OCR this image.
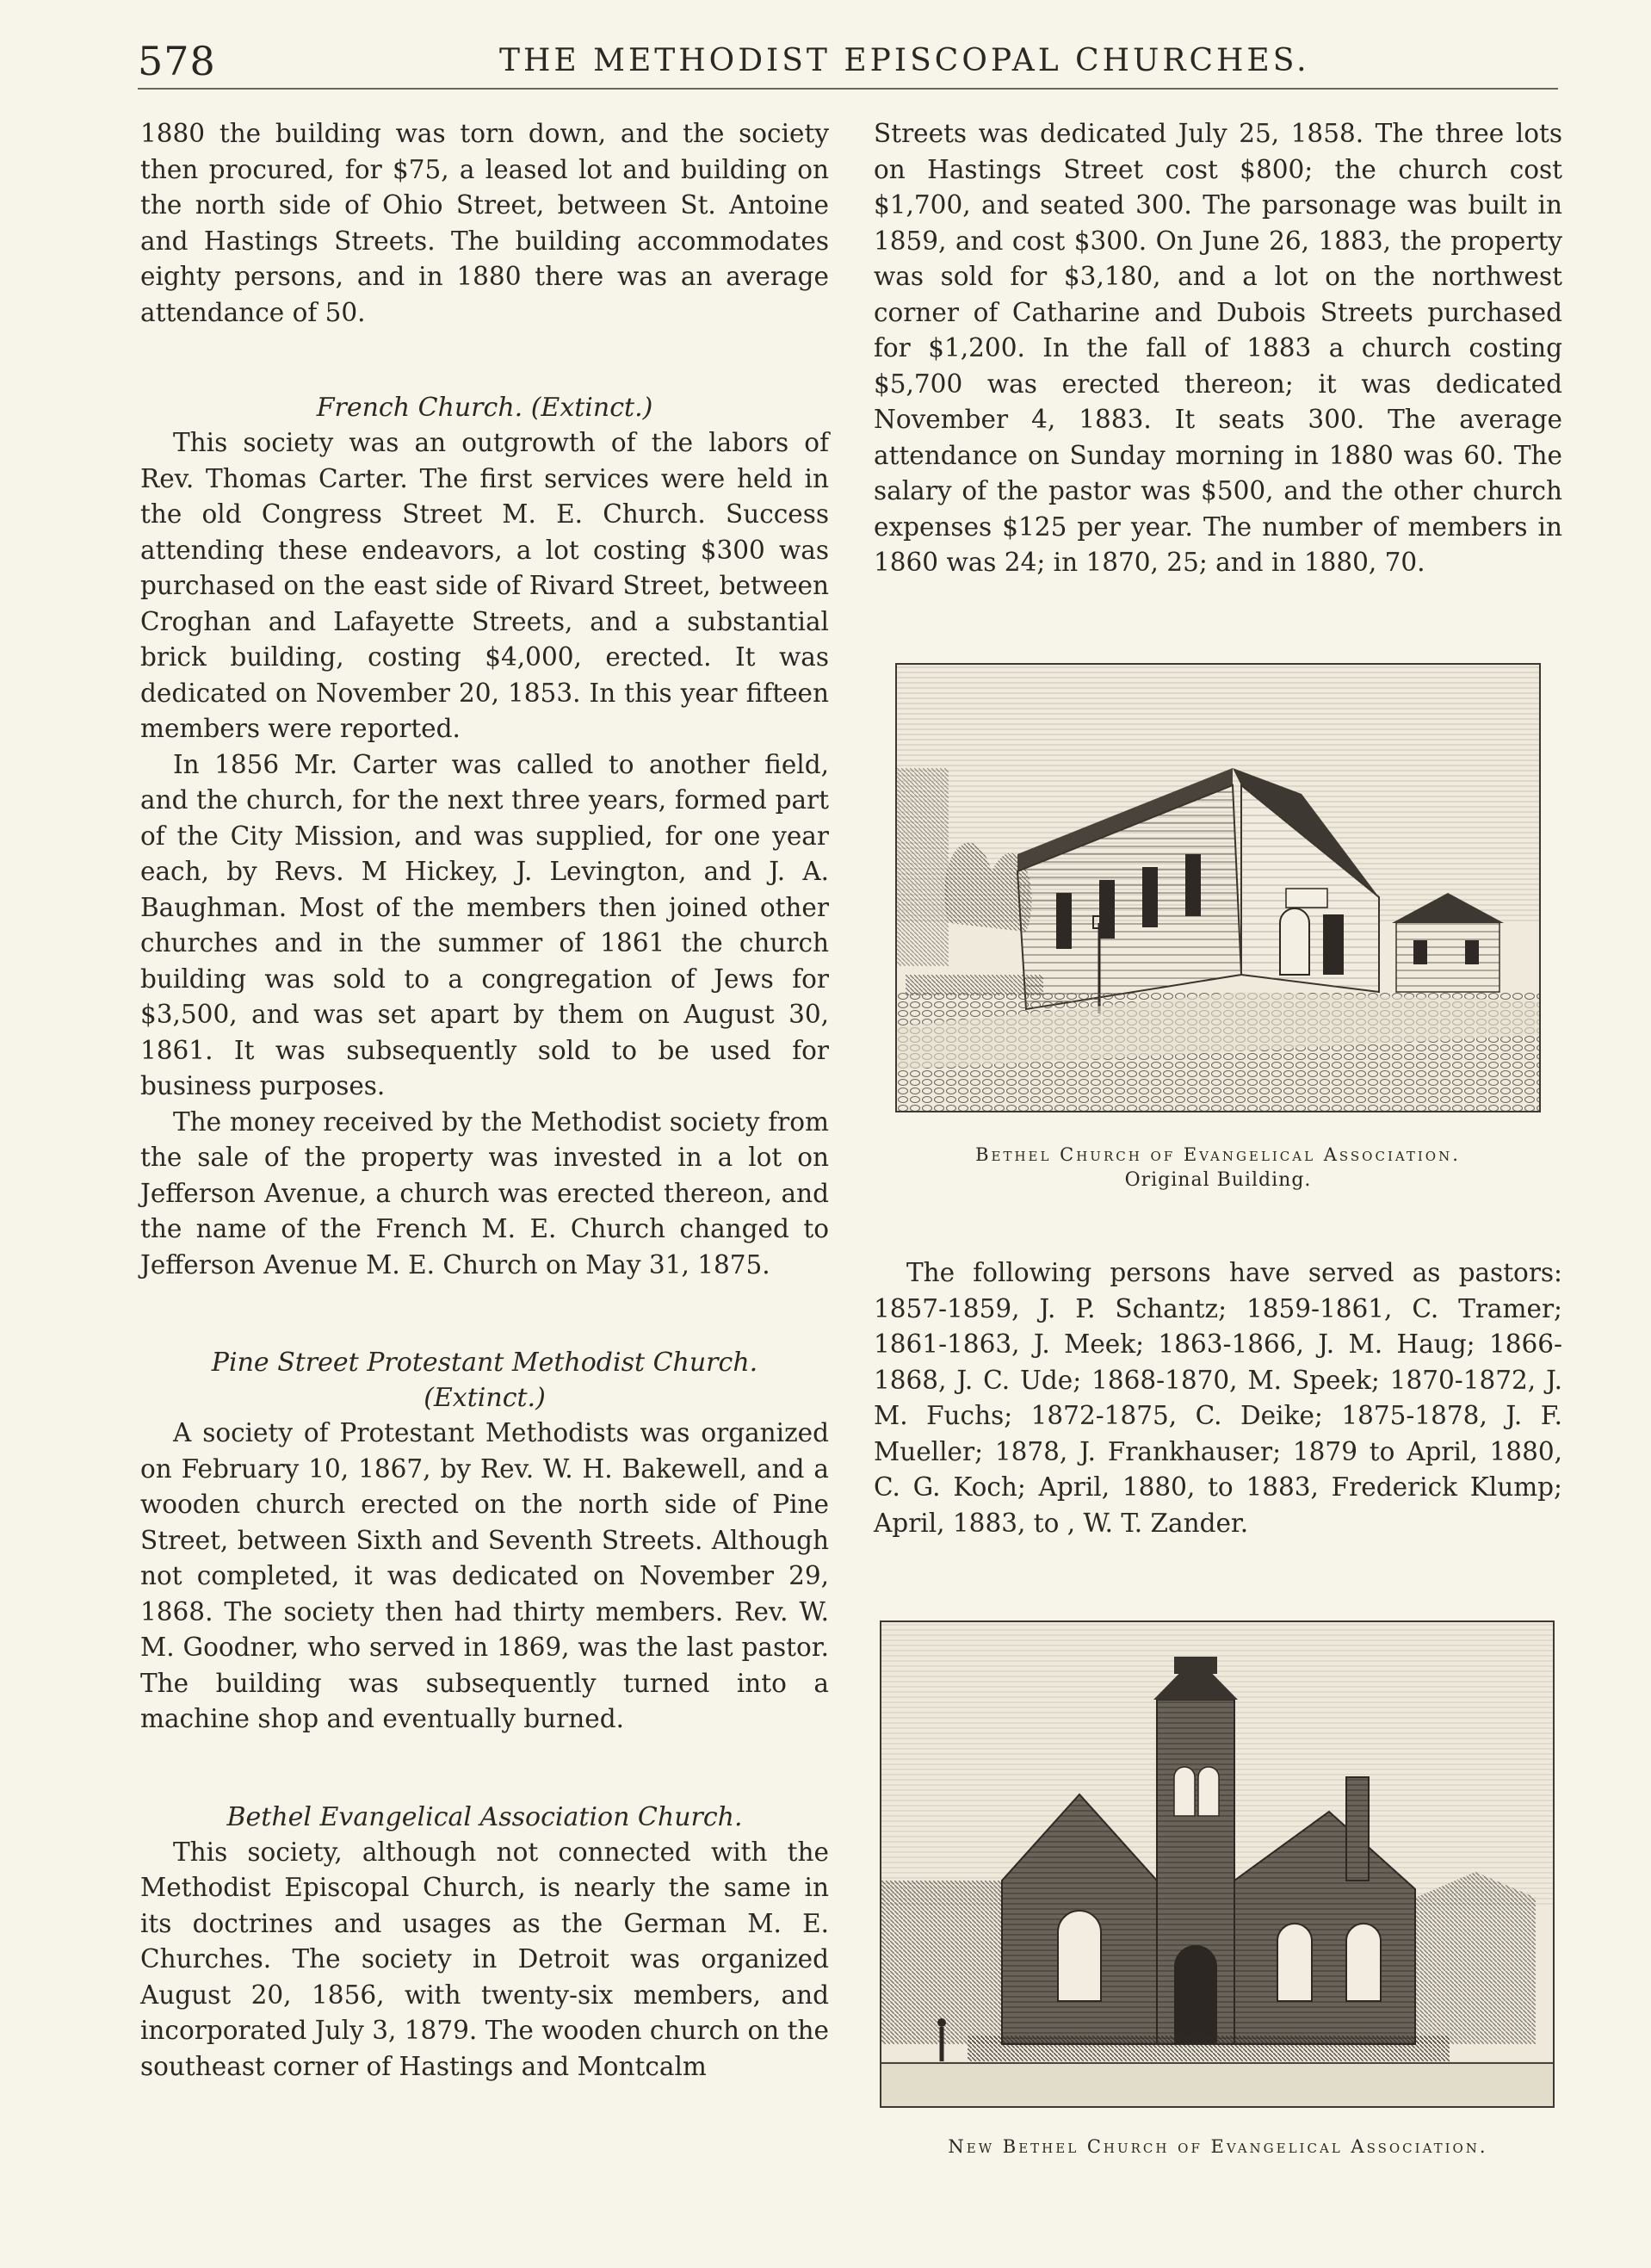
578	THE METHODIST EPISCOPAL CHURCHES.

1880 the building was torn down, and the society then procured, for $75, a leased lot and building on the north side of Ohio Street, between St. Antoine and Hastings Streets. The building accommodates eighty persons, and in 1880 there was an average attendance of 50.

French Church. (Extinct.)

This society was an outgrowth of the labors of Rev. Thomas Carter. The first services were held in the old Congress Street M. E. Church. Success attending these endeavors, a lot costing $300 was purchased on the east side of Rivard Street, between Croghan and Lafayette Streets, and a substantial brick building, costing $4,000, erected. It was dedicated on November 20, 1853. In this year fifteen members were reported.

In 1856 Mr. Carter was called to another field, and the church, for the next three years, formed part of the City Mission, and was supplied, for one year each, by Revs. M Hickey, J. Levington, and J. A. Baughman. Most of the members then joined other churches and in the summer of 1861 the church building was sold to a congregation of Jews for $3,500, and was set apart by them on August 30, 1861. It was subsequently sold to be used for business purposes.

The money received by the Methodist society from the sale of the property was invested in a lot on Jefferson Avenue, a church was erected thereon, and the name of the French M. E. Church changed to Jefferson Avenue M. E. Church on May 31, 1875.

Pine Street Protestant Methodist Church.

(Extinct.)

A society of Protestant Methodists was organized on February 10, 1867, by Rev. W. H. Bakewell, and a wooden church erected on the north side of Pine Street, between Sixth and Seventh Streets. Although not completed, it was dedicated on November 29, 1868. The society then had thirty members. Rev. W. M. Goodner, who served in 1869, was the last pastor. The building was subsequently turned into a machine shop and eventually burned.

Bethel Evangelical Association Church.

This society, although not connected with the Methodist Episcopal Church, is nearly the same in its doctrines and usages as the German M. E. Churches. The society in Detroit was organized August 20, 1856, with twenty-six members, and incorporated July 3, 1879. The wooden church on the southeast corner of Hastings and Montcalm

Streets was dedicated July 25, 1858. The three lots on Hastings Street cost $800; the church cost $1,700, and seated 300. The parsonage was built in 1859, and cost $300. On June 26, 1883, the property was sold for $3,180, and a lot on the northwest corner of Catharine and Dubois Streets purchased for $1,200. In the fall of 1883 a church costing $5,700 was erected thereon; it was dedicated November 4, 1883. It seats 300. The average attendance on Sunday morning in 1880 was 60. The salary of the pastor was $500, and the other church expenses $125 per year. The number of members in 1860 was 24; in 1870, 25; and in 1880, 70.

Bethel Church of Evangelical Association.
Original Building.

The following persons have served as pastors: 1857-1859, J. P. Schantz; 1859-1861, C. Tramer; 1861-1863, J. Meek; 1863-1866, J. M. Haug; 1866-1868, J. C. Ude; 1868-1870, M. Speek; 1870-1872, J. M. Fuchs; 1872-1875, C. Deike; 1875-1878, J. F. Mueller; 1878, J. Frankhauser; 1879 to April, 1880, C. G. Koch; April, 1880, to 1883, Frederick Klump; April, 1883, to , W. T. Zander.

New Bethel Church of Evangelical Association.
